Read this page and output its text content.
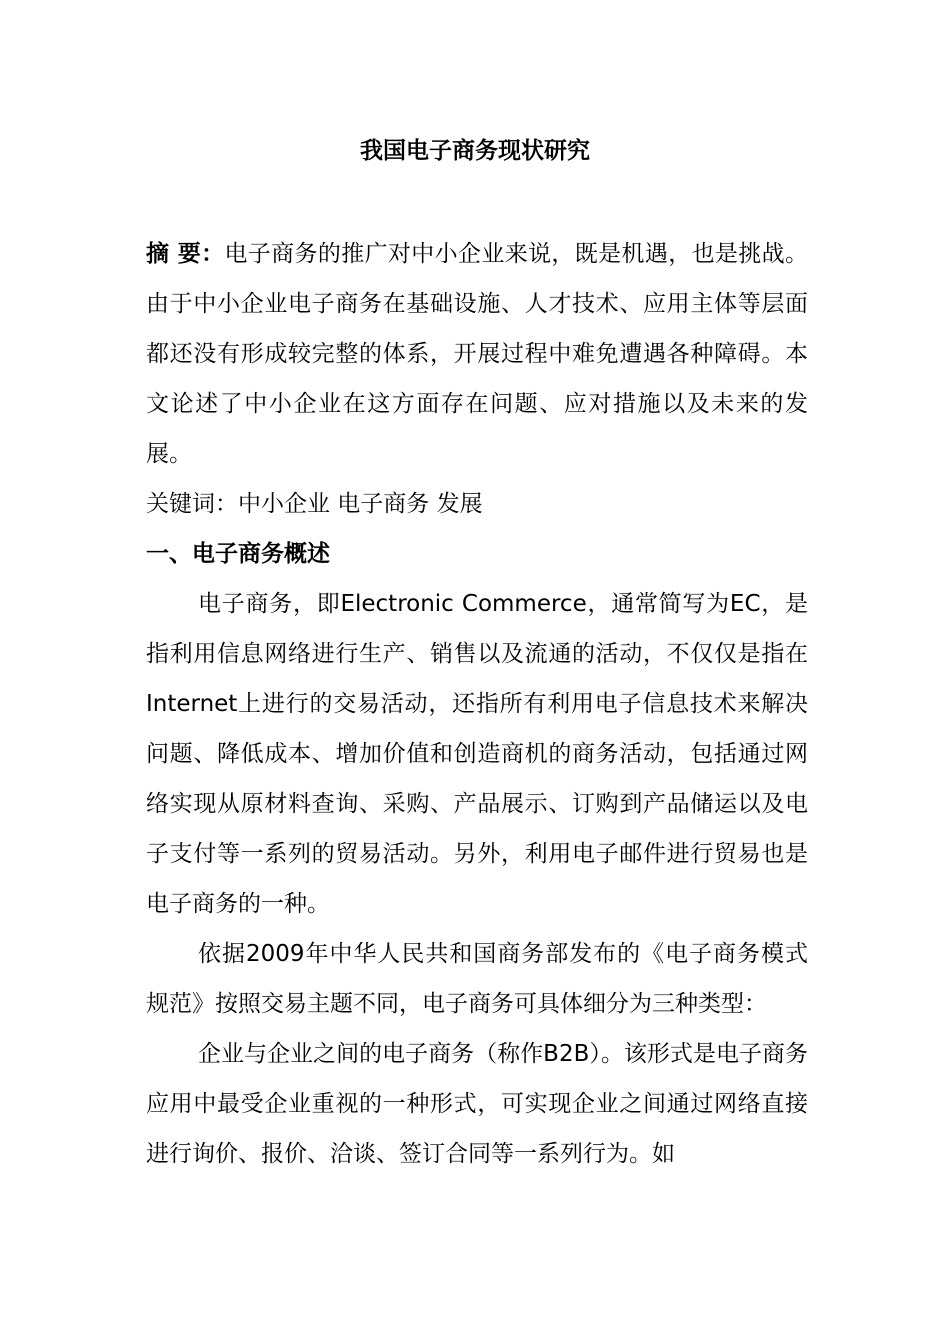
我国电子商务现状研究

摘 要：电子商务的推广对中小企业来说，既是机遇，也是挑战。由于中小企业电子商务在基础设施、人才技术、应用主体等层面都还没有形成较完整的体系，开展过程中难免遭遇各种障碍。本文论述了中小企业在这方面存在问题、应对措施以及未来的发展。

关键词：中小企业 电子商务 发展

一、电子商务概述

电子商务，即Electronic Commerce，通常简写为EC，是指利用信息网络进行生产、销售以及流通的活动，不仅仅是指在Internet上进行的交易活动，还指所有利用电子信息技术来解决问题、降低成本、增加价值和创造商机的商务活动，包括通过网络实现从原材料查询、采购、产品展示、订购到产品储运以及电子支付等一系列的贸易活动。另外，利用电子邮件进行贸易也是电子商务的一种。

依据2009年中华人民共和国商务部发布的《电子商务模式规范》按照交易主题不同，电子商务可具体细分为三种类型：

企业与企业之间的电子商务（称作B2B）。该形式是电子商务应用中最受企业重视的一种形式，可实现企业之间通过网络直接进行询价、报价、洽谈、签订合同等一系列行为。如
